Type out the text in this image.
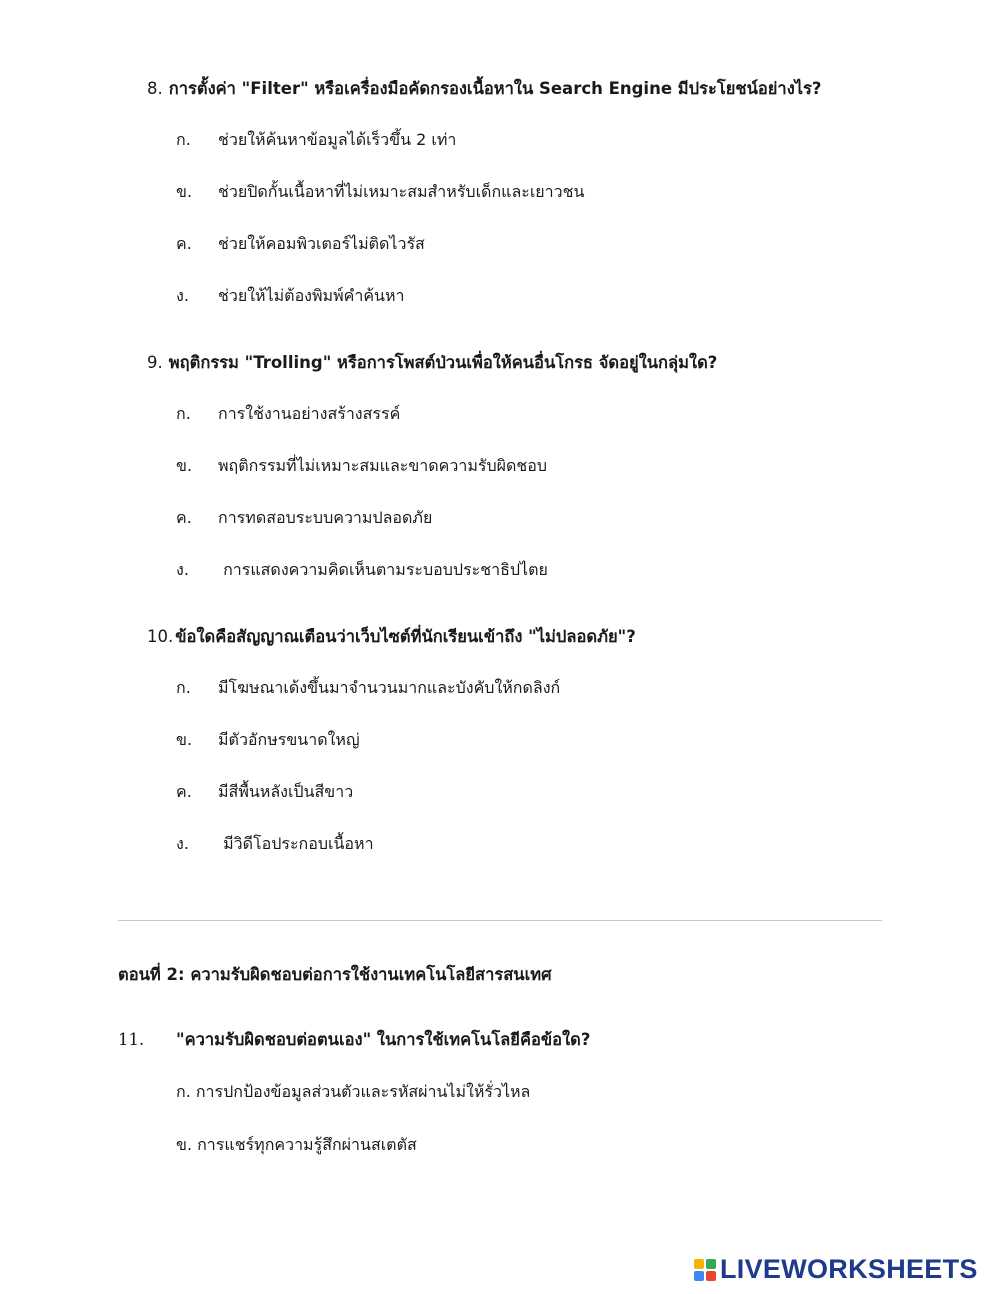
8. การตั้งค่า "Filter" หรือเครื่องมือคัดกรองเนื้อหาใน Search Engine มีประโยชน์อย่างไร?
ก. ช่วยให้ค้นหาข้อมูลได้เร็วขึ้น 2 เท่า
ข. ช่วยปิดกั้นเนื้อหาที่ไม่เหมาะสมสำหรับเด็กและเยาวชน
ค. ช่วยให้คอมพิวเตอร์ไม่ติดไวรัส
ง. ช่วยให้ไม่ต้องพิมพ์คำค้นหา
9. พฤติกรรม "Trolling" หรือการโพสต์ป่วนเพื่อให้คนอื่นโกรธ จัดอยู่ในกลุ่มใด?
ก. การใช้งานอย่างสร้างสรรค์
ข. พฤติกรรมที่ไม่เหมาะสมและขาดความรับผิดชอบ
ค. การทดสอบระบบความปลอดภัย
ง. การแสดงความคิดเห็นตามระบอบประชาธิปไตย
10. ข้อใดคือสัญญาณเตือนว่าเว็บไซต์ที่นักเรียนเข้าถึง "ไม่ปลอดภัย"?
ก. มีโฆษณาเด้งขึ้นมาจำนวนมากและบังคับให้กดลิงก์
ข. มีตัวอักษรขนาดใหญ่
ค. มีสีพื้นหลังเป็นสีขาว
ง. มีวิดีโอประกอบเนื้อหา
ตอนที่ 2: ความรับผิดชอบต่อการใช้งานเทคโนโลยีสารสนเทศ
11. "ความรับผิดชอบต่อตนเอง" ในการใช้เทคโนโลยีคือข้อใด?
ก. การปกป้องข้อมูลส่วนตัวและรหัสผ่านไม่ให้รั่วไหล
ข. การแชร์ทุกความรู้สึกผ่านสเตตัส
LIVEWORKSHEETS
